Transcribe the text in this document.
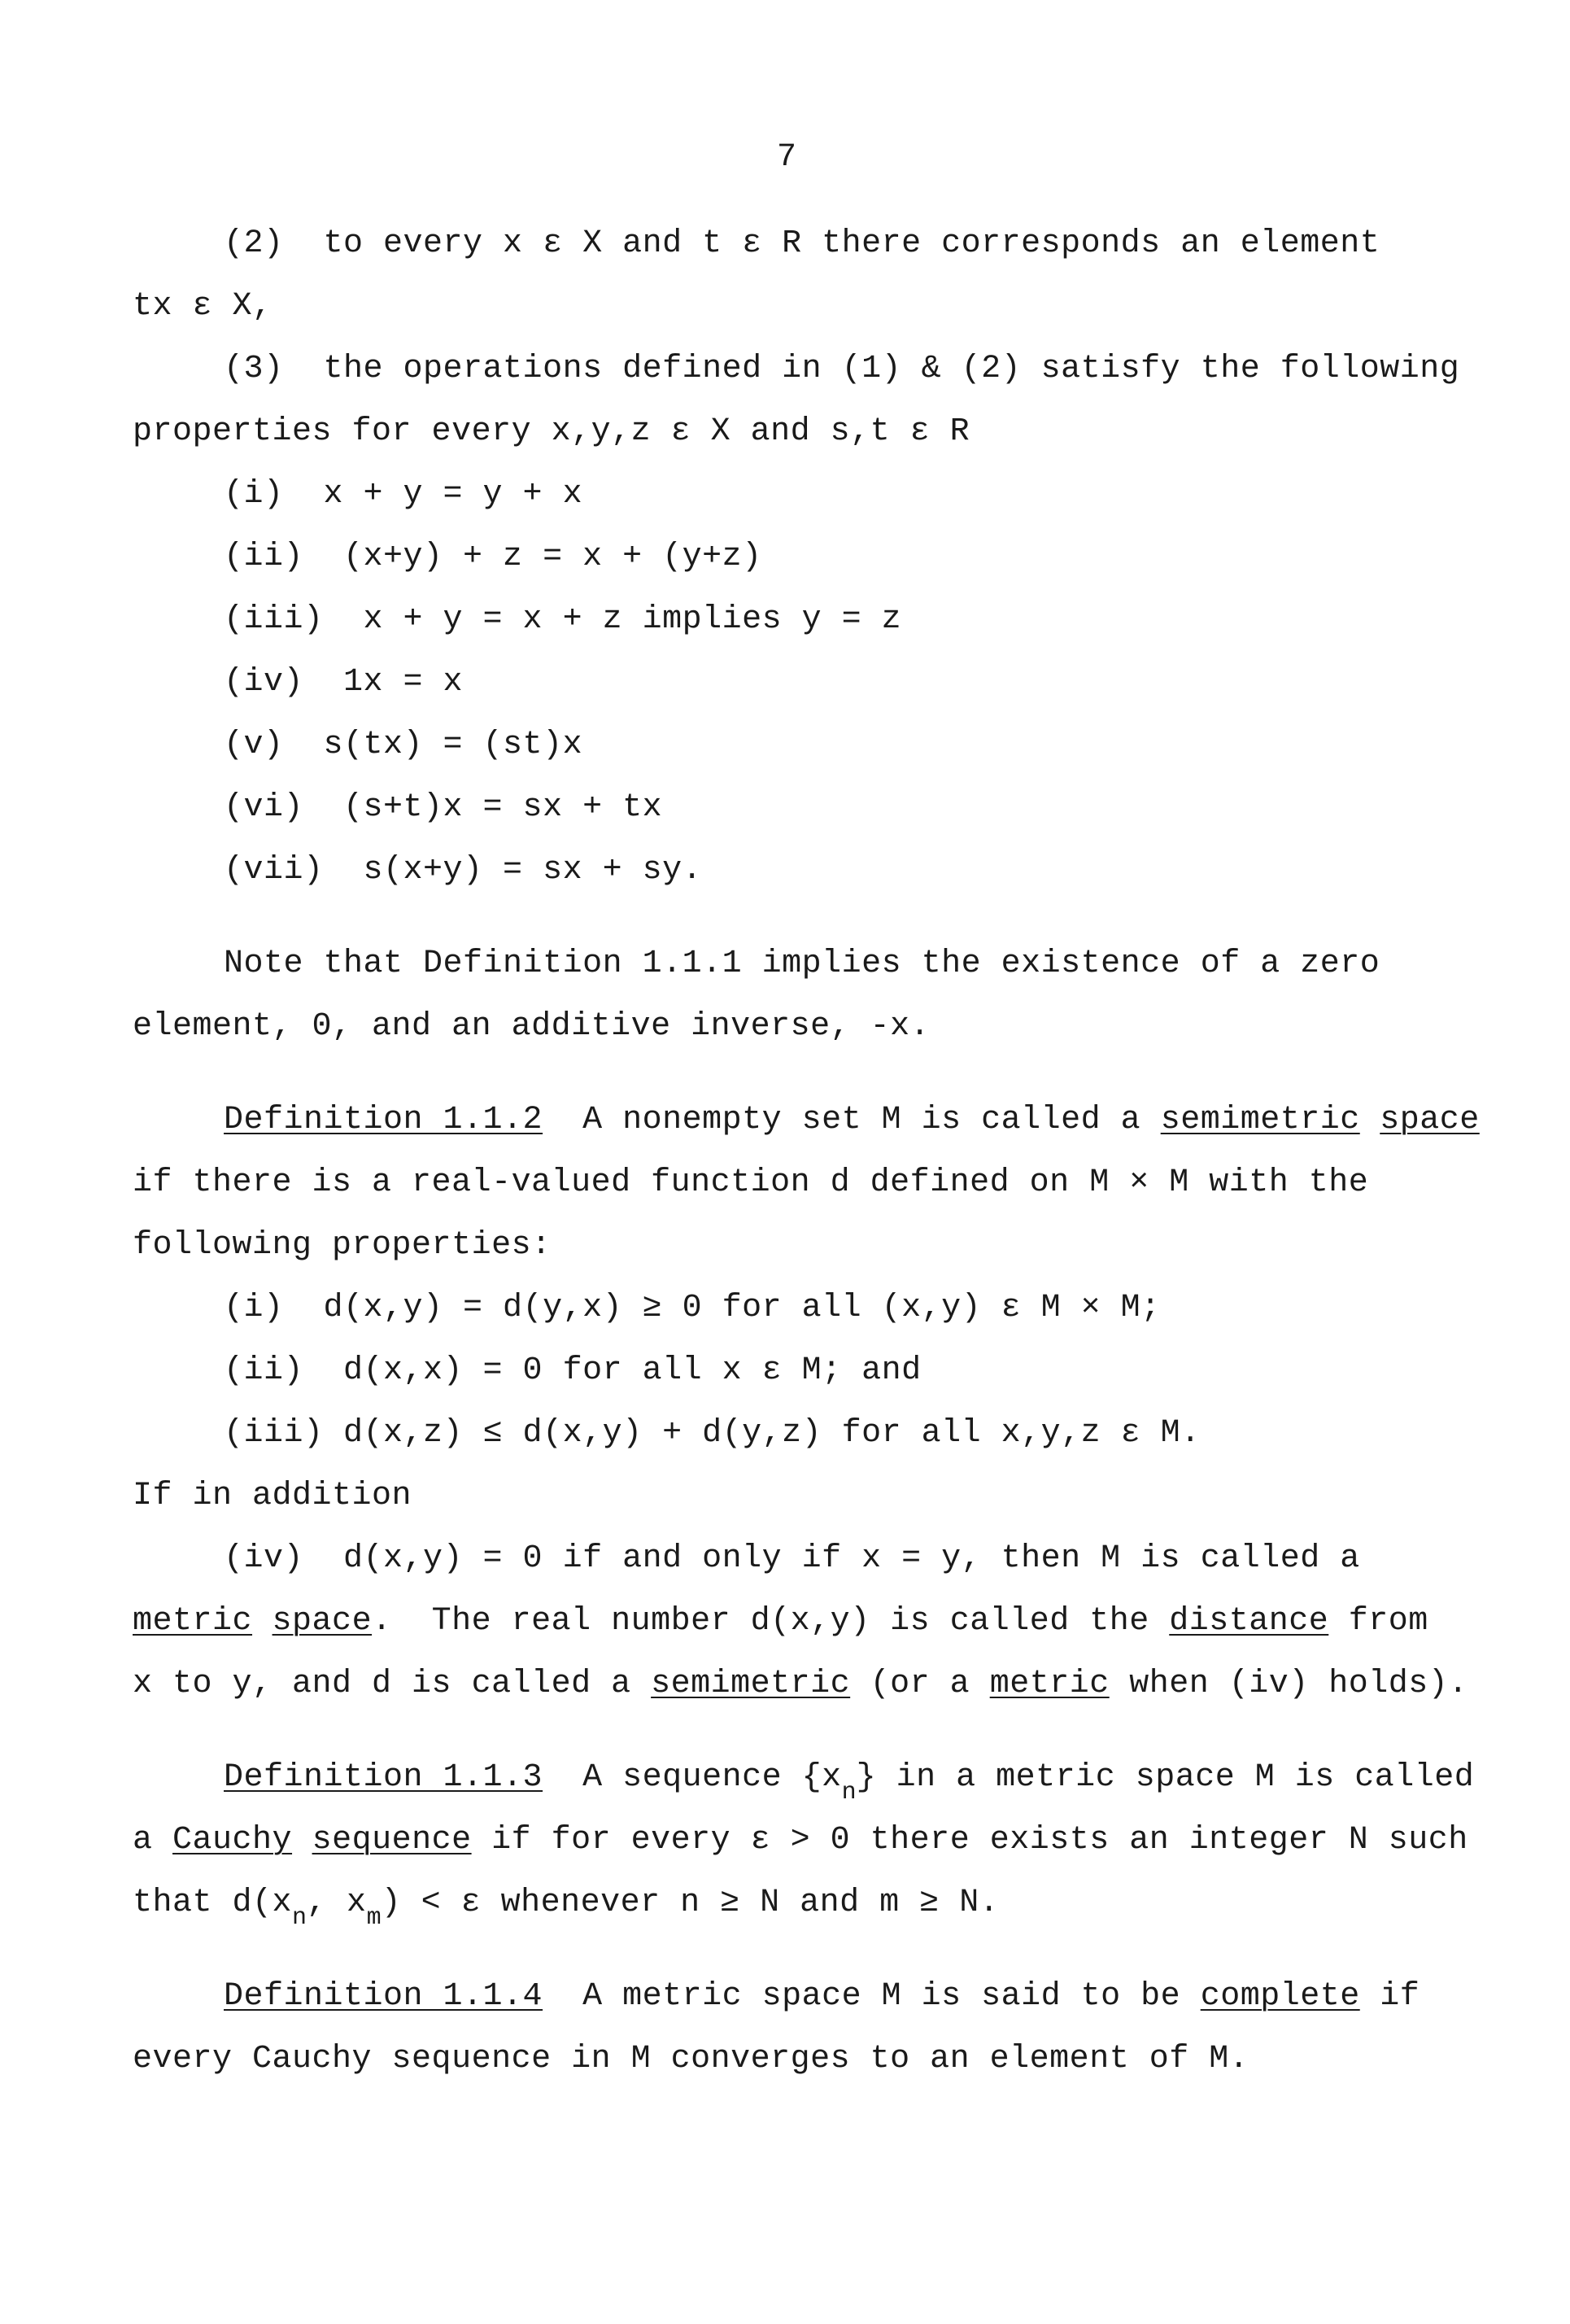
7
(2)  to every x ε X and t ε R there corresponds an element
tx ε X,
(3)  the operations defined in (1) & (2) satisfy the following
properties for every x,y,z ε X and s,t ε R
(i)  x + y = y + x
(ii)  (x+y) + z = x + (y+z)
(iii)  x + y = x + z implies y = z
(iv)  1x = x
(v)  s(tx) = (st)x
(vi)  (s+t)x = sx + tx
(vii)  s(x+y) = sx + sy.
Note that Definition 1.1.1 implies the existence of a zero
element, 0, and an additive inverse, -x.
Definition 1.1.2  A nonempty set M is called a semimetric space
if there is a real-valued function d defined on M × M with the
following properties:
(i)  d(x,y) = d(y,x) ≥ 0 for all (x,y) ε M × M;
(ii)  d(x,x) = 0 for all x ε M; and
(iii) d(x,z) ≤ d(x,y) + d(y,z) for all x,y,z ε M.
If in addition
(iv)  d(x,y) = 0 if and only if x = y, then M is called a
metric space.  The real number d(x,y) is called the distance from
x to y, and d is called a semimetric (or a metric when (iv) holds).
Definition 1.1.3  A sequence $\{x_n\}$ in a metric space M is called
a Cauchy sequence if for every ε > 0 there exists an integer N such
that $d(x_n$, $x_m) < \varepsilon$ whenever n ≥ N and m ≥ N.
Definition 1.1.4  A metric space M is said to be complete if
every Cauchy sequence in M converges to an element of M.
